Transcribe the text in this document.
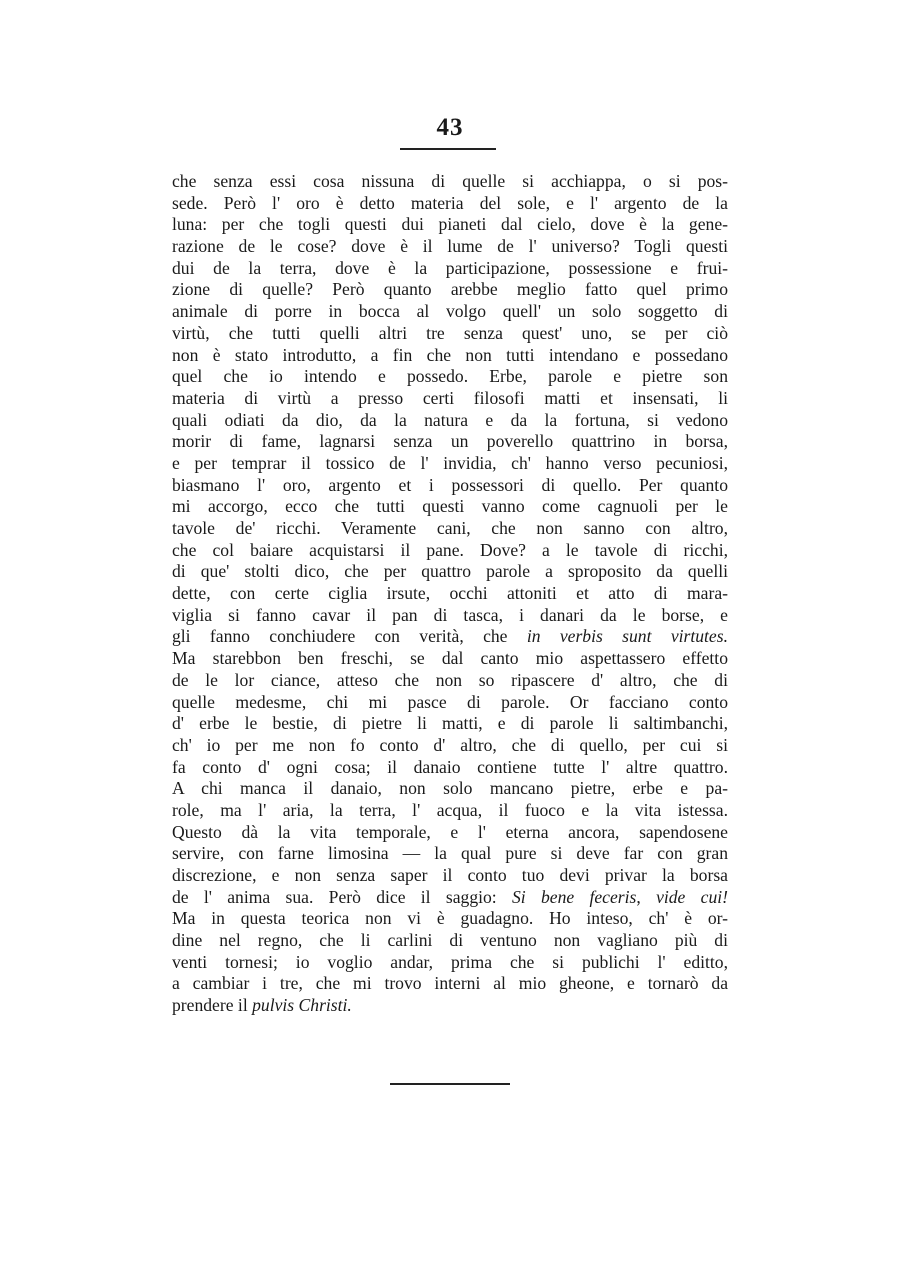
43
che senza essi cosa nissuna di quelle si acchiappa, o si pos-
sede. Però l' oro è detto materia del sole, e l' argento de la
luna: per che togli questi dui pianeti dal cielo, dove è la gene-
razione de le cose? dove è il lume de l' universo? Togli questi
dui de la terra, dove è la participazione, possessione e frui-
zione di quelle? Però quanto arebbe meglio fatto quel primo
animale di porre in bocca al volgo quell' un solo soggetto di
virtù, che tutti quelli altri tre senza quest' uno, se per ciò
non è stato introdutto, a fin che non tutti intendano e possedano
quel che io intendo e possedo. Erbe, parole e pietre son
materia di virtù a presso certi filosofi matti et insensati, li
quali odiati da dio, da la natura e da la fortuna, si vedono
morir di fame, lagnarsi senza un poverello quattrino in borsa,
e per temprar il tossico de l' invidia, ch' hanno verso pecuniosi,
biasmano l' oro, argento et i possessori di quello. Per quanto
mi accorgo, ecco che tutti questi vanno come cagnuoli per le
tavole de' ricchi. Veramente cani, che non sanno con altro,
che col baiare acquistarsi il pane. Dove? a le tavole di ricchi,
di que' stolti dico, che per quattro parole a sproposito da quelli
dette, con certe ciglia irsute, occhi attoniti et atto di mara-
viglia si fanno cavar il pan di tasca, i danari da le borse, e
gli fanno conchiudere con verità, che in verbis sunt virtutes.
Ma starebbon ben freschi, se dal canto mio aspettassero effetto
de le lor ciance, atteso che non so ripascere d' altro, che di
quelle medesme, chi mi pasce di parole. Or facciano conto
d' erbe le bestie, di pietre li matti, e di parole li saltimbanchi,
ch' io per me non fo conto d' altro, che di quello, per cui si
fa conto d' ogni cosa; il danaio contiene tutte l' altre quattro.
A chi manca il danaio, non solo mancano pietre, erbe e pa-
role, ma l' aria, la terra, l' acqua, il fuoco e la vita istessa.
Questo dà la vita temporale, e l' eterna ancora, sapendosene
servire, con farne limosina — la qual pure si deve far con gran
discrezione, e non senza saper il conto tuo devi privar la borsa
de l' anima sua. Però dice il saggio: Si bene feceris, vide cui!
Ma in questa teorica non vi è guadagno. Ho inteso, ch' è or-
dine nel regno, che li carlini di ventuno non vagliano più di
venti tornesi; io voglio andar, prima che si publichi l' editto,
a cambiar i tre, che mi trovo interni al mio gheone, e tornarò da
prendere il pulvis Christi.
